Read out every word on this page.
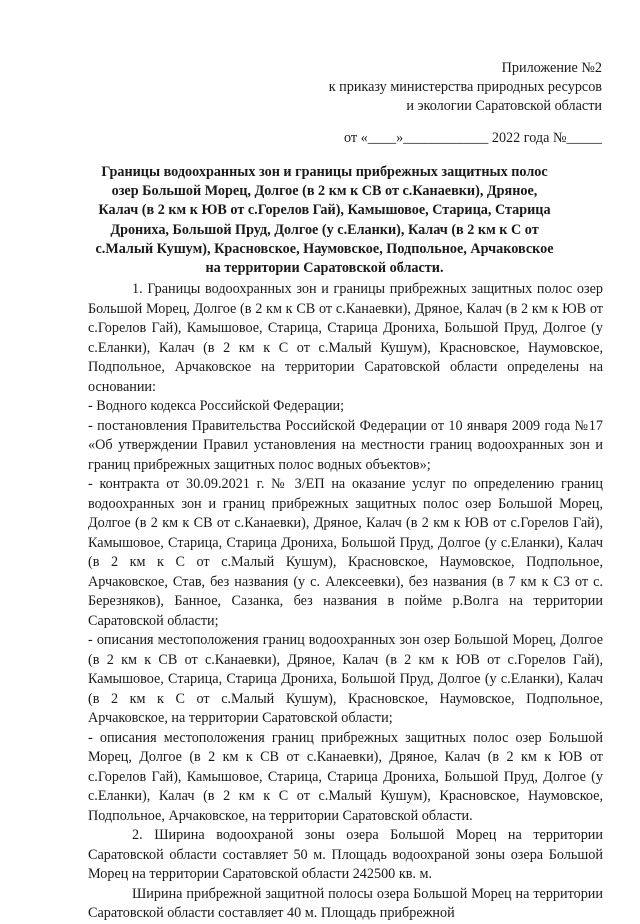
Приложение №2
к приказу министерства природных ресурсов
и экологии Саратовской области
от «____»____________ 2022 года №_____
Границы водоохранных зон и границы прибрежных защитных полос озер Большой Морец, Долгое (в 2 км к СВ от с.Канаевки), Дряное, Калач (в 2 км к ЮВ от с.Горелов Гай), Камышовое, Старица, Старица Дрониха, Большой Пруд, Долгое (у с.Еланки), Калач (в 2 км к С от с.Малый Кушум), Красновское, Наумовское, Подпольное, Арчаковское на территории Саратовской области.

1. Границы водоохранных зон и границы прибрежных защитных полос озер Большой Морец, Долгое (в 2 км к СВ от с.Канаевки), Дряное, Калач (в 2 км к ЮВ от с.Горелов Гай), Камышовое, Старица, Старица Дрониха, Большой Пруд, Долгое (у с.Еланки), Калач (в 2 км к С от с.Малый Кушум), Красновское, Наумовское, Подпольное, Арчаковское на территории Саратовской области определены на основании:

- Водного кодекса Российской Федерации;

- постановления Правительства Российской Федерации от 10 января 2009 года №17 «Об утверждении Правил установления на местности границ водоохранных зон и границ прибрежных защитных полос водных объектов»;

- контракта от 30.09.2021 г. № 3/ЕП на оказание услуг по определению границ водоохранных зон и границ прибрежных защитных полос озер Большой Морец, Долгое (в 2 км к СВ от с.Канаевки), Дряное, Калач (в 2 км к ЮВ от с.Горелов Гай), Камышовое, Старица, Старица Дрониха, Большой Пруд, Долгое (у с.Еланки), Калач (в 2 км к С от с.Малый Кушум), Красновское, Наумовское, Подпольное, Арчаковское, Став, без названия (у с. Алексеевки), без названия (в 7 км к СЗ от с. Березняков), Банное, Сазанка, без названия в пойме р.Волга на территории Саратовской области;

- описания местоположения границ водоохранных зон озер Большой Морец, Долгое (в 2 км к СВ от с.Канаевки), Дряное, Калач (в 2 км к ЮВ от с.Горелов Гай), Камышовое, Старица, Старица Дрониха, Большой Пруд, Долгое (у с.Еланки), Калач (в 2 км к С от с.Малый Кушум), Красновское, Наумовское, Подпольное, Арчаковское, на территории Саратовской области;

- описания местоположения границ прибрежных защитных полос озер Большой Морец, Долгое (в 2 км к СВ от с.Канаевки), Дряное, Калач (в 2 км к ЮВ от с.Горелов Гай), Камышовое, Старица, Старица Дрониха, Большой Пруд, Долгое (у с.Еланки), Калач (в 2 км к С от с.Малый Кушум), Красновское, Наумовское, Подпольное, Арчаковское, на территории Саратовской области.

2. Ширина водоохраной зоны озера Большой Морец на территории Саратовской области составляет 50 м. Площадь водоохраной зоны озера Большой Морец на территории Саратовской области 242500 кв. м.

Ширина прибрежной защитной полосы озера Большой Морец на территории Саратовской области составляет 40 м. Площадь прибрежной
